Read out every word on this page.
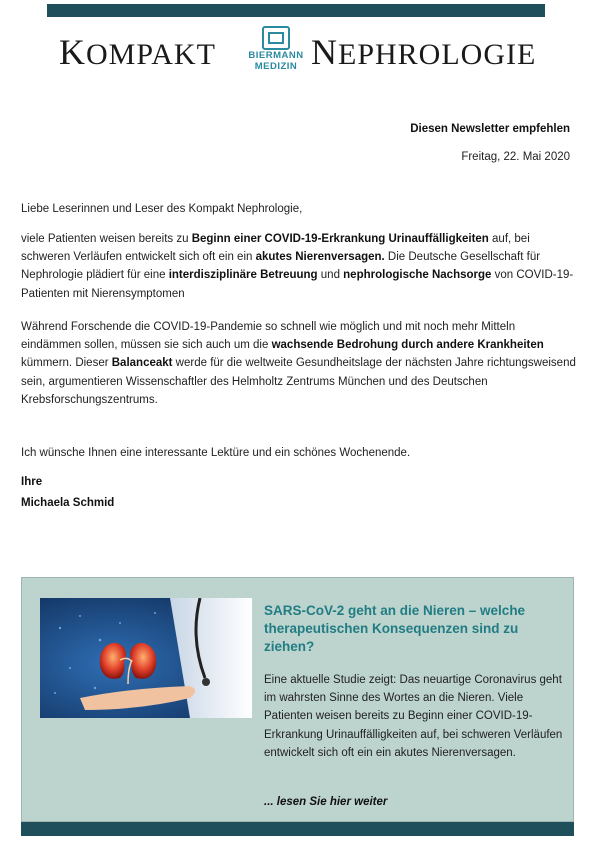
KOMPAKT	BIERMANN
MEDIZIN NEPHROLOGIE
Diesen Newsletter empfehlen
Freitag, 22. Mai 2020

Liebe Leserinnen und Leser des Kompakt Nephrologie,

viele Patienten weisen bereits zu Beginn einer COVID-19-Erkrankung Urinauffälligkeiten auf, bei schweren Verläufen entwickelt sich oft ein ein akutes Nierenversagen. Die Deutsche Gesellschaft für Nephrologie plädiert für eine interdisziplinäre Betreuung und nephrologische Nachsorge von COVID-19-Patienten mit Nierensymptomen

Während Forschende die COVID-19-Pandemie so schnell wie möglich und mit noch mehr Mitteln eindämmen sollen, müssen sie sich auch um die wachsende Bedrohung durch andere Krankheiten kümmern. Dieser Balanceakt werde für die weltweite Gesundheitslage der nächsten Jahre richtungsweisend sein, argumentieren Wissenschaftler des Helmholtz Zentrums München und des Deutschen Krebsforschungszentrums.

Ich wünsche Ihnen eine interessante Lektüre und ein schönes Wochenende.

Ihre

Michaela Schmid

SARS-CoV-2 geht an die Nieren – welche therapeutischen Konsequenzen sind zu ziehen?
Eine aktuelle Studie zeigt: Das neuartige Coronavirus geht im wahrsten Sinne des Wortes an die Nieren. Viele Patienten weisen bereits zu Beginn einer COVID-19-Erkrankung Urinauffälligkeiten auf, bei schweren Verläufen entwickelt sich oft ein ein akutes Nierenversagen.
... lesen Sie hier weiter
